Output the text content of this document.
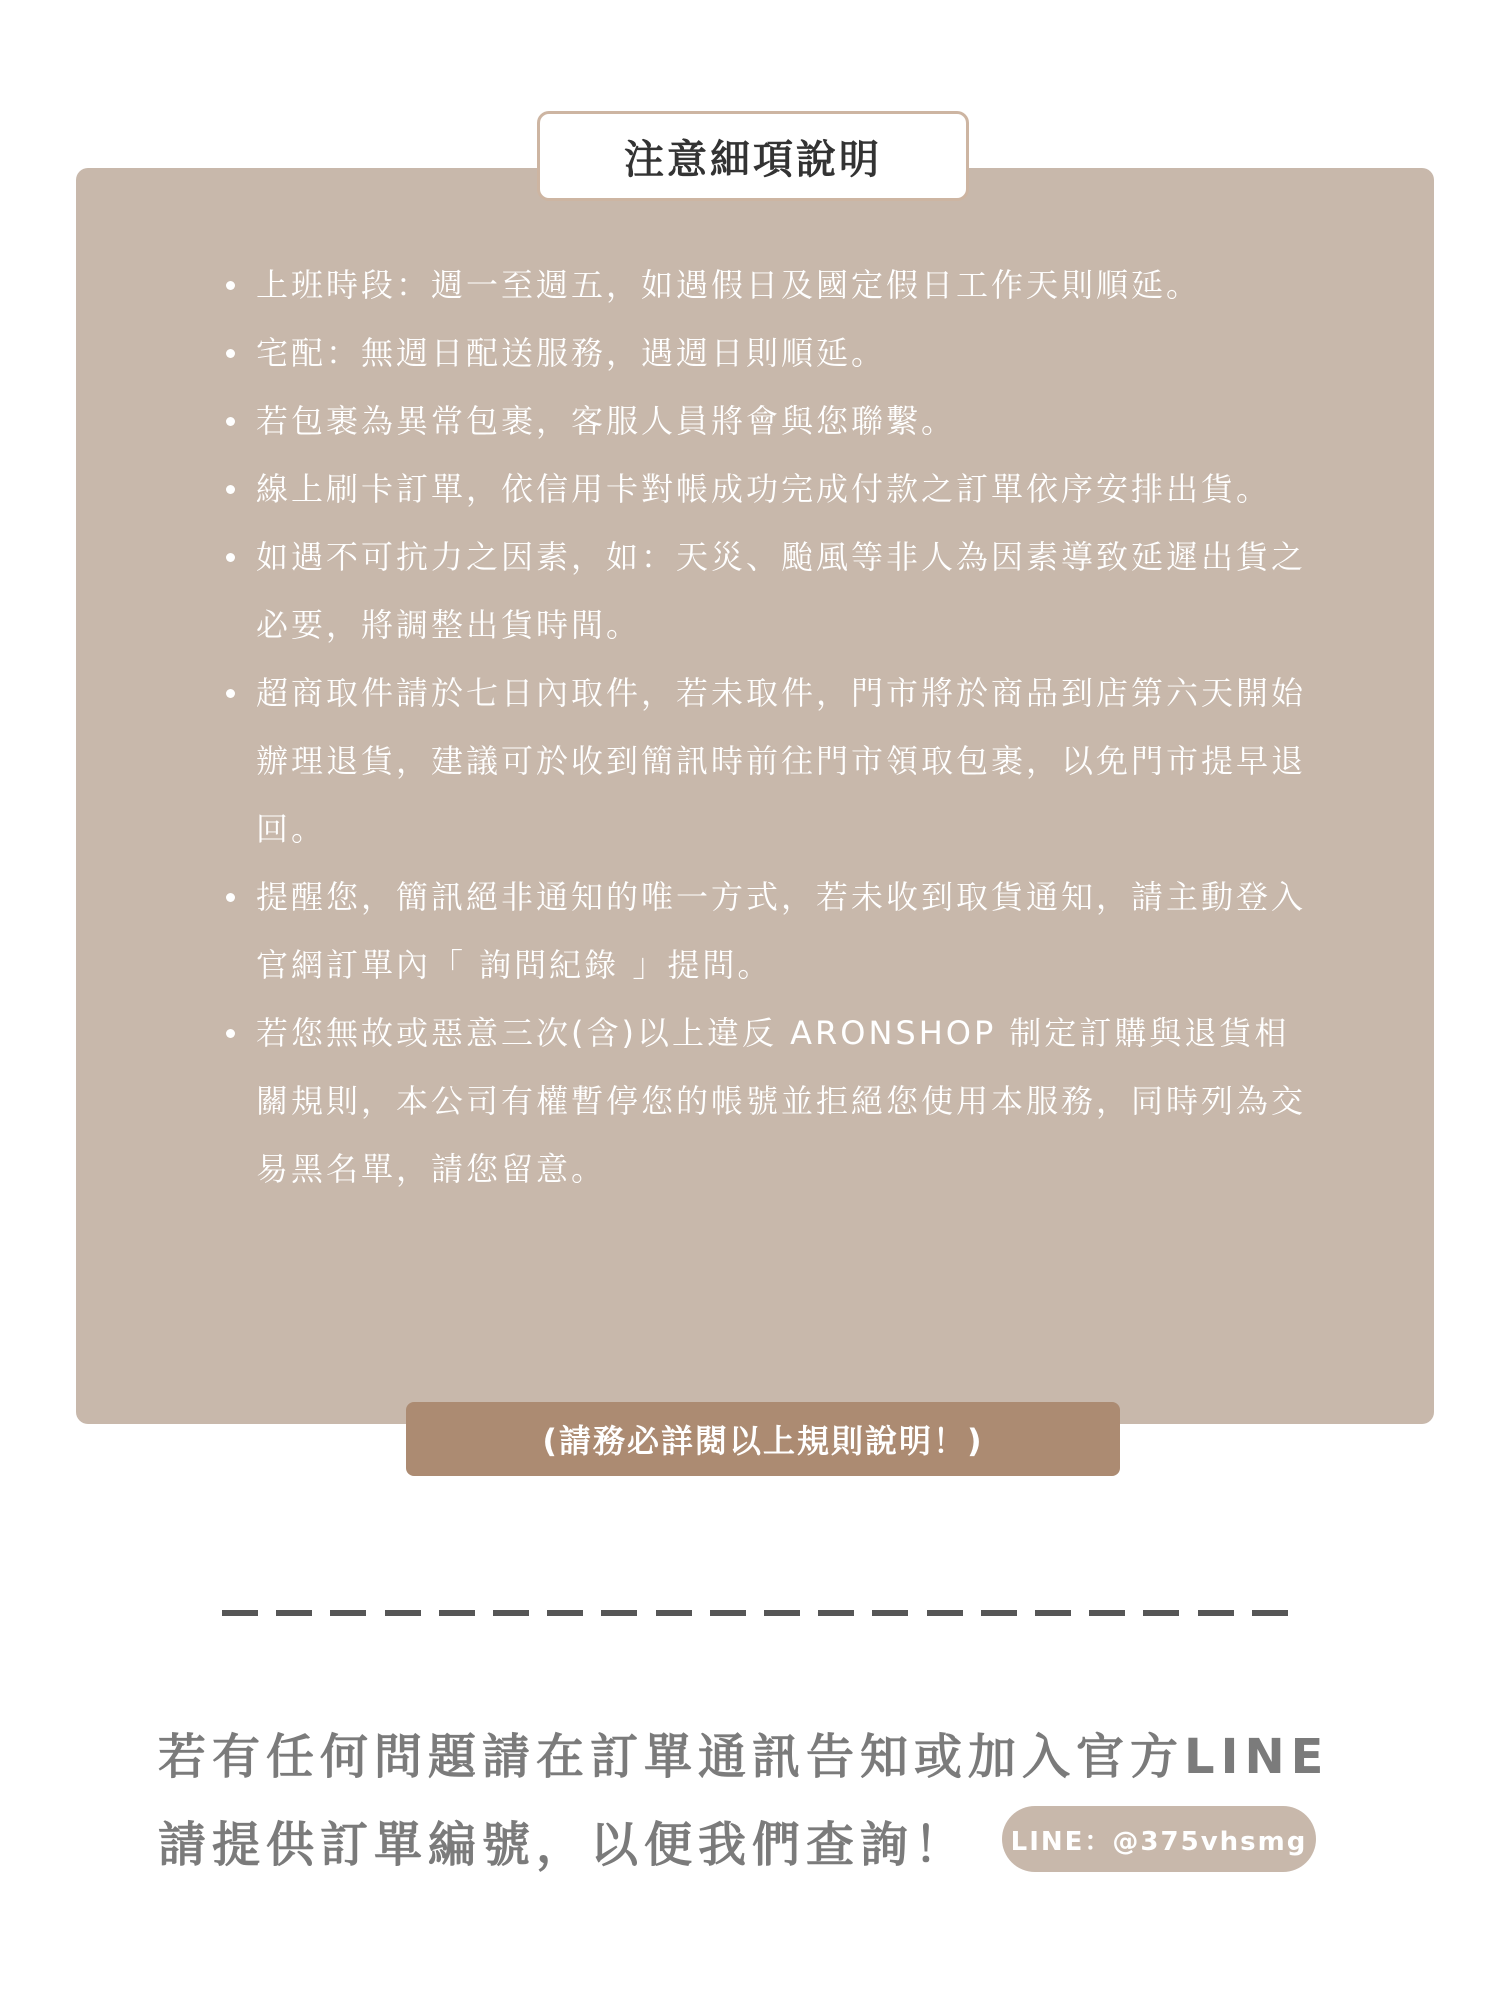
注意細項說明
上班時段：週一至週五，如遇假日及國定假日工作天則順延。
宅配：無週日配送服務，遇週日則順延。
若包裹為異常包裹，客服人員將會與您聯繫。
線上刷卡訂單，依信用卡對帳成功完成付款之訂單依序安排出貨。
如遇不可抗力之因素，如：天災、颱風等非人為因素導致延遲出貨之必要，將調整出貨時間。
超商取件請於七日內取件，若未取件，門市將於商品到店第六天開始辦理退貨，建議可於收到簡訊時前往門市領取包裹，以免門市提早退回。
提醒您，簡訊絕非通知的唯一方式，若未收到取貨通知，請主動登入官網訂單內「 詢問紀錄 」提問。
若您無故或惡意三次(含)以上違反 ARONSHOP 制定訂購與退貨相關規則，本公司有權暫停您的帳號並拒絕您使用本服務，同時列為交易黑名單，請您留意。
(請務必詳閱以上規則說明！)
若有任何問題請在訂單通訊告知或加入官方LINE
請提供訂單編號，以便我們查詢！	LINE：@375vhsmg
